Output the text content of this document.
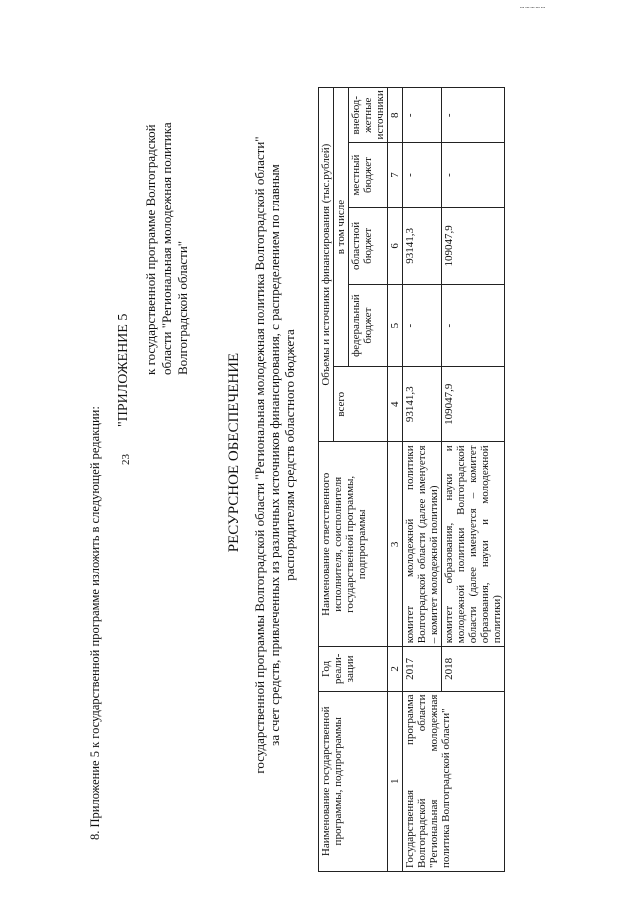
……………
23
8. Приложение 5 к государственной программе изложить в следующей редакции:
"ПРИЛОЖЕНИЕ 5 к государственной программе Волгоградской области "Региональная молодежная политика Волгоградской области"
РЕСУРСНОЕ ОБЕСПЕЧЕНИЕ государственной программы Волгоградской области "Региональная молодежная политика Волгоградской области" за счет средств, привлеченных из различных источников финансирования, с распределением по главным распорядителям средств областного бюджета
Наименование государственной программы, подпрограммы	Год реали-зации	Наименование ответственного исполнителя, соисполнителя государственной программы, подпрограммы	Объемы и источники финансирования (тыс.рублей)				
			всего	в том числе			
				федеральный бюджет	областной бюджет	местный бюджет	внебюд-жетные источники
1	2	3	4	5	6	7	8
Государственная программа Волгоградской области "Региональная молодежная политика Волгоградской области"	2017	комитет молодежной политики Волгоградской области (далее именуется – комитет молодежной политики)	93141,3	-	93141,3	-	-
	2018	комитет образования, науки и молодежной политики Волгоградской области (далее именуется – комитет образования, науки и молодежной политики)	109047,9	-	109047,9	-	-
